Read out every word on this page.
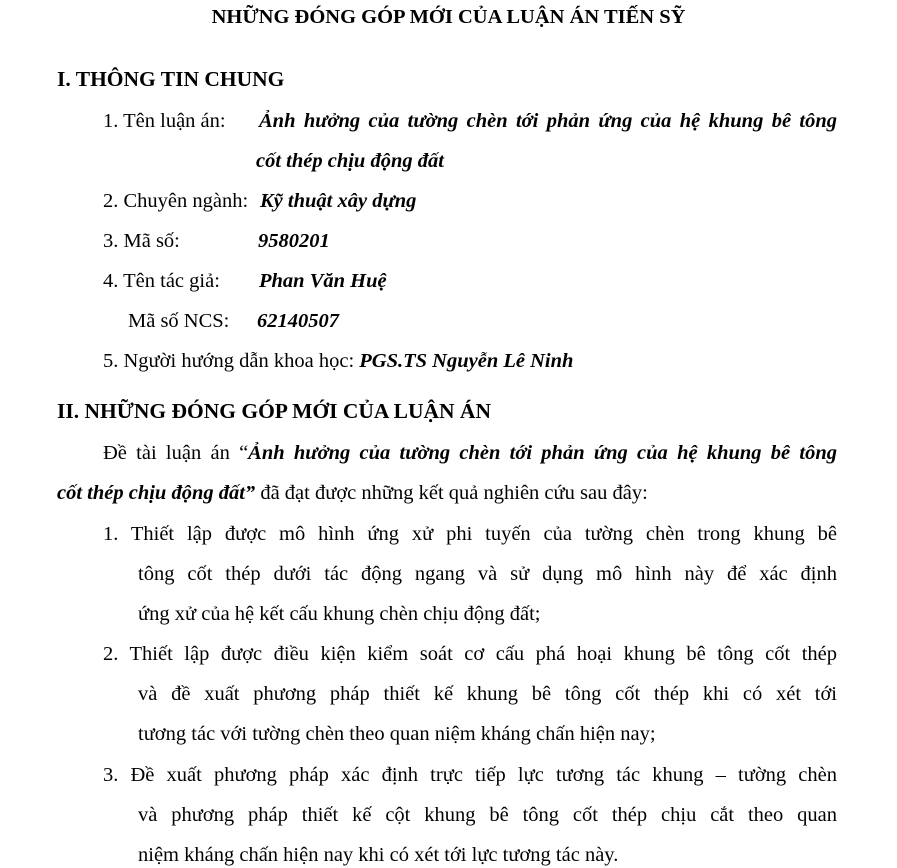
NHỮNG ĐÓNG GÓP MỚI CỦA LUẬN ÁN TIẾN SỸ
I. THÔNG TIN CHUNG
1. Tên luận án: Ảnh hưởng của tường chèn tới phản ứng của hệ khung bê tông
cốt thép chịu động đất
2. Chuyên ngành: Kỹ thuật xây dựng
3. Mã số:	9580201
4. Tên tác giả: Phan Văn Huệ
Mã số NCS: 62140507
5. Người hướng dẫn khoa học: PGS.TS Nguyễn Lê Ninh
II. NHỮNG ĐÓNG GÓP MỚI CỦA LUẬN ÁN
Đề tài luận án “Ảnh hưởng của tường chèn tới phản ứng của hệ khung bê tông
cốt thép chịu động đất” đã đạt được những kết quả nghiên cứu sau đây:
1. Thiết lập được mô hình ứng xử phi tuyến của tường chèn trong khung bê
tông cốt thép dưới tác động ngang và sử dụng mô hình này để xác định
ứng xử của hệ kết cấu khung chèn chịu động đất;
2. Thiết lập được điều kiện kiểm soát cơ cấu phá hoại khung bê tông cốt thép
và đề xuất phương pháp thiết kế khung bê tông cốt thép khi có xét tới
tương tác với tường chèn theo quan niệm kháng chấn hiện nay;
3. Đề xuất phương pháp xác định trực tiếp lực tương tác khung – tường chèn
và phương pháp thiết kế cột khung bê tông cốt thép chịu cắt theo quan
niệm kháng chấn hiện nay khi có xét tới lực tương tác này.
